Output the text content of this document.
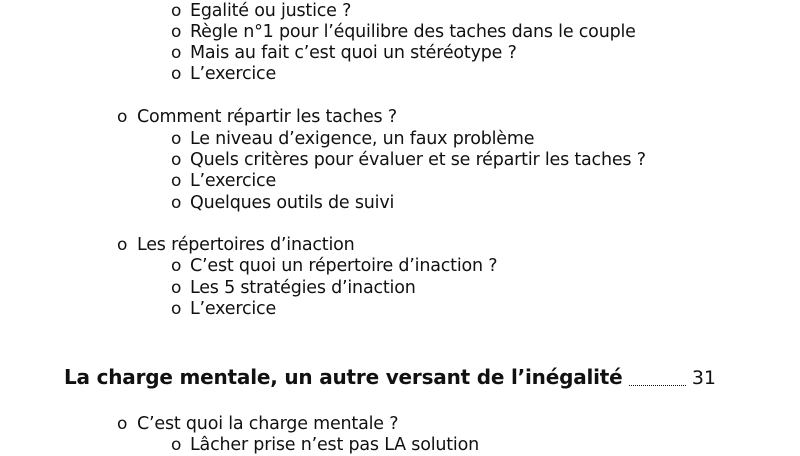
o Egalité ou justice ?
o Règle n°1 pour l’équilibre des taches dans le couple
o Mais au fait c’est quoi un stéréotype ?
o L’exercice
o Comment répartir les taches ?
o Le niveau d’exigence, un faux problème
o Quels critères pour évaluer et se répartir les taches ?
o L’exercice
o Quelques outils de suivi
o Les répertoires d’inaction
o C’est quoi un répertoire d’inaction ?
o Les 5 stratégies d’inaction
o L’exercice
La charge mentale, un autre versant de l’inégalité	31
o C’est quoi la charge mentale ?
o Lâcher prise n’est pas LA solution
